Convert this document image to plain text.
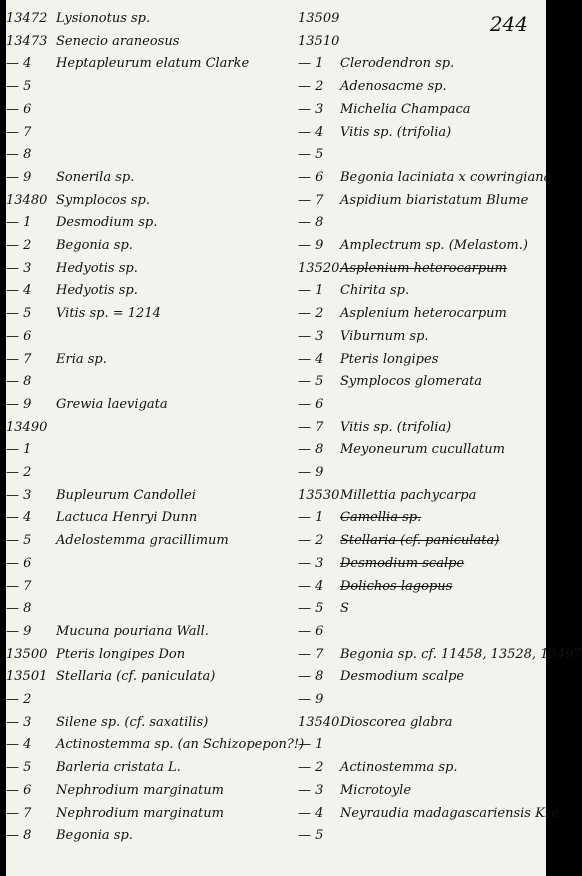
244
13472 Lysionotus sp.
13473 Senecio araneosus
— 4 Heptapleurum elatum Clarke
— 5
— 6
— 7
— 8
— 9 Sonerila sp.
13480 Symplocos sp.
— 1 Desmodium sp.
— 2 Begonia sp.
— 3 Hedyotis sp.
— 4 Hedyotis sp.
— 5 Vitis sp. = 1214
— 6
— 7 Eria sp.
— 8
— 9 Grewia laevigata
13490
— 1
— 2
— 3 Bupleurum Candollei
— 4 Lactuca Henryi Dunn
— 5 Adelostemma gracillimum
— 6
— 7
— 8
— 9 Mucuna pouriana Wall.
13500 Pteris longipes Don
13501 Stellaria (cf. paniculata)
— 2
— 3 Silene sp. (cf. saxatilis)
— 4 Actinostemma sp. (an Schizopepon?!)
— 5 Barleria cristata L.
— 6 Nephrodium marginatum
— 7 Nephrodium marginatum
— 8 Begonia sp.
13509
13510
— 1 Clerodendron sp.
— 2 Adenosacme sp.
— 3 Michelia Champaca
— 4 Vitis sp. (trifolia)
— 5
— 6 Begonia laciniata x cowringiana
— 7 Aspidium biaristatum Blume
— 8
— 9 Amplectrum sp. (Melastom.)
13520Asplenium heterocarpum
— 1 Chirita sp.
— 2 Asplenium heterocarpum
— 3 Viburnum sp.
— 4 Pteris longipes
— 5 Symplocos glomerata
— 6
— 7 Vitis sp. (trifolia)
— 8 Meyoneurum cucullatum
— 9
13530Millettia pachycarpa
— 1 Camellia sp.
— 2 Stellaria (cf. paniculata)
— 3 Desmodium scalpe
— 4 Dolichos lagopus
— 5 S
— 6
— 7 Begonia sp. cf. 11458, 13528, 13497
— 8 Desmodium scalpe
— 9
13540Dioscorea glabra
— 1
— 2 Actinostemma sp.
— 3 Microtoyle
— 4 Neyraudia madagascariensis Kze.
— 5
